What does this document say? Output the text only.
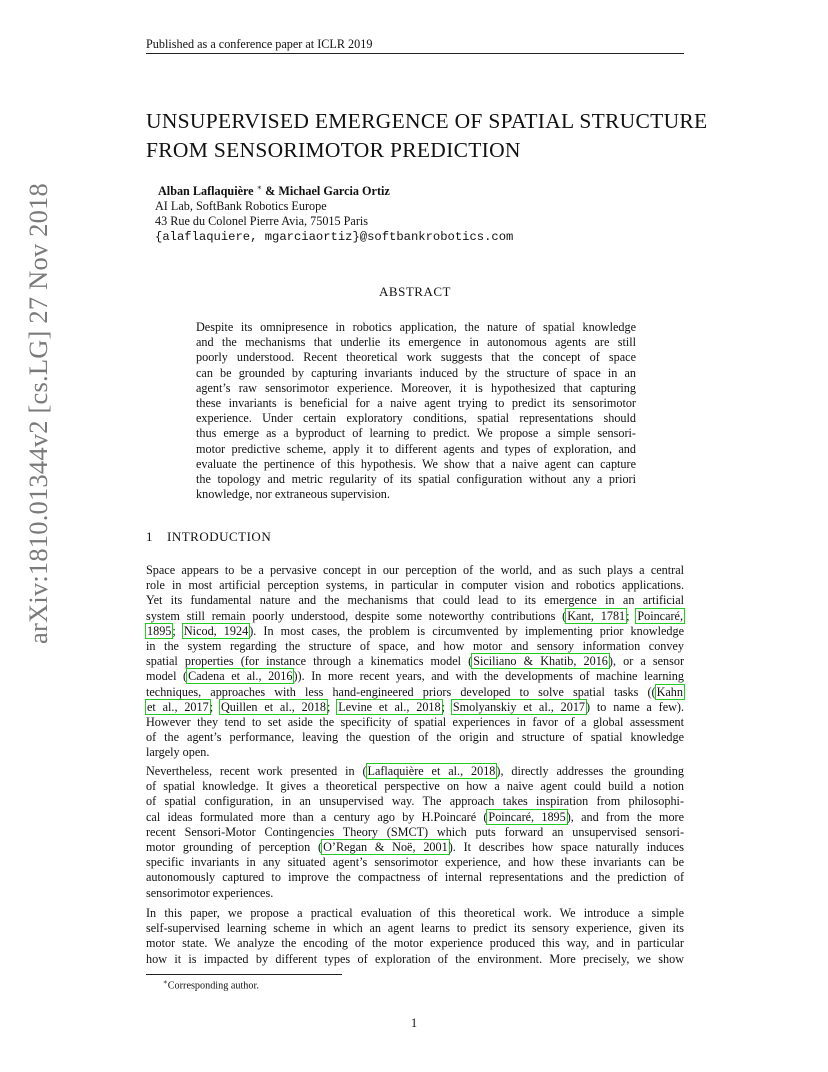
Published as a conference paper at ICLR 2019
arXiv:1810.01344v2 [cs.LG] 27 Nov 2018
UNSUPERVISED EMERGENCE OF SPATIAL STRUCTURE
FROM SENSORIMOTOR PREDICTION
Alban Laflaquière ∗ & Michael Garcia Ortiz
AI Lab, SoftBank Robotics Europe
43 Rue du Colonel Pierre Avia, 75015 Paris
{alaflaquiere, mgarciaortiz}@softbankrobotics.com
ABSTRACT
Despite its omnipresence in robotics application, the nature of spatial knowledge
and the mechanisms that underlie its emergence in autonomous agents are still
poorly understood. Recent theoretical work suggests that the concept of space
can be grounded by capturing invariants induced by the structure of space in an
agent’s raw sensorimotor experience. Moreover, it is hypothesized that capturing
these invariants is beneficial for a naive agent trying to predict its sensorimotor
experience. Under certain exploratory conditions, spatial representations should
thus emerge as a byproduct of learning to predict. We propose a simple sensori-
motor predictive scheme, apply it to different agents and types of exploration, and
evaluate the pertinence of this hypothesis. We show that a naive agent can capture
the topology and metric regularity of its spatial configuration without any a priori
knowledge, nor extraneous supervision.
1 INTRODUCTION
Space appears to be a pervasive concept in our perception of the world, and as such plays a central
role in most artificial perception systems, in particular in computer vision and robotics applications.
Yet its fundamental nature and the mechanisms that could lead to its emergence in an artificial
system still remain poorly understood, despite some noteworthy contributions (Kant, 1781; Poincaré,
1895; Nicod, 1924). In most cases, the problem is circumvented by implementing prior knowledge
in the system regarding the structure of space, and how motor and sensory information convey
spatial properties (for instance through a kinematics model (Siciliano & Khatib, 2016), or a sensor
model (Cadena et al., 2016)). In more recent years, and with the developments of machine learning
techniques, approaches with less hand-engineered priors developed to solve spatial tasks ((Kahn
et al., 2017; Quillen et al., 2018; Levine et al., 2018; Smolyanskiy et al., 2017) to name a few).
However they tend to set aside the specificity of spatial experiences in favor of a global assessment
of the agent’s performance, leaving the question of the origin and structure of spatial knowledge
largely open.
Nevertheless, recent work presented in (Laflaquière et al., 2018), directly addresses the grounding
of spatial knowledge. It gives a theoretical perspective on how a naive agent could build a notion
of spatial configuration, in an unsupervised way. The approach takes inspiration from philosophi-
cal ideas formulated more than a century ago by H.Poincaré (Poincaré, 1895), and from the more
recent Sensori-Motor Contingencies Theory (SMCT) which puts forward an unsupervised sensori-
motor grounding of perception (O’Regan & Noë, 2001). It describes how space naturally induces
specific invariants in any situated agent’s sensorimotor experience, and how these invariants can be
autonomously captured to improve the compactness of internal representations and the prediction of
sensorimotor experiences.
In this paper, we propose a practical evaluation of this theoretical work. We introduce a simple
self-supervised learning scheme in which an agent learns to predict its sensory experience, given its
motor state. We analyze the encoding of the motor experience produced this way, and in particular
how it is impacted by different types of exploration of the environment. More precisely, we show
∗Corresponding author.
1
